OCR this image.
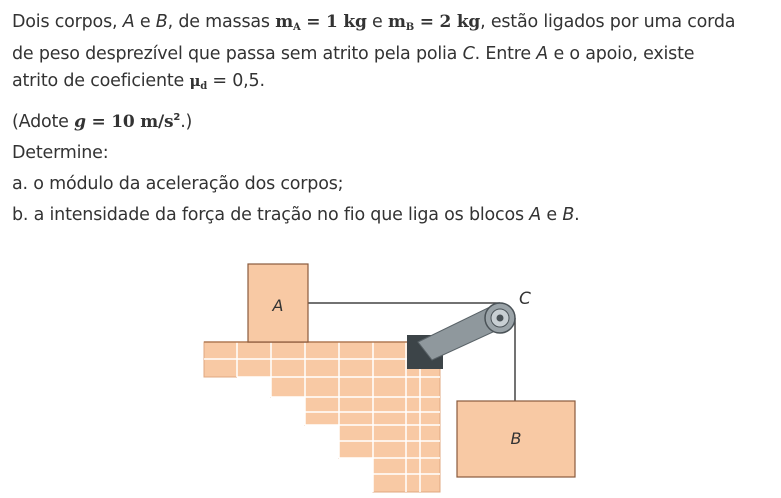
Dois corpos, A e B, de massas $m_A = 1$ kg e $m_B = 2$ kg, estão ligados por uma corda
de peso desprezível que passa sem atrito pela polia C. Entre A e o apoio, existe
atrito de coeficiente $\mu_d = 0,5$.
(Adote g = 10 $m/s^2$.)
Determine:
a. o módulo da aceleração dos corpos;
b. a intensidade da força de tração no fio que liga os blocos A e B.
C
A
B
